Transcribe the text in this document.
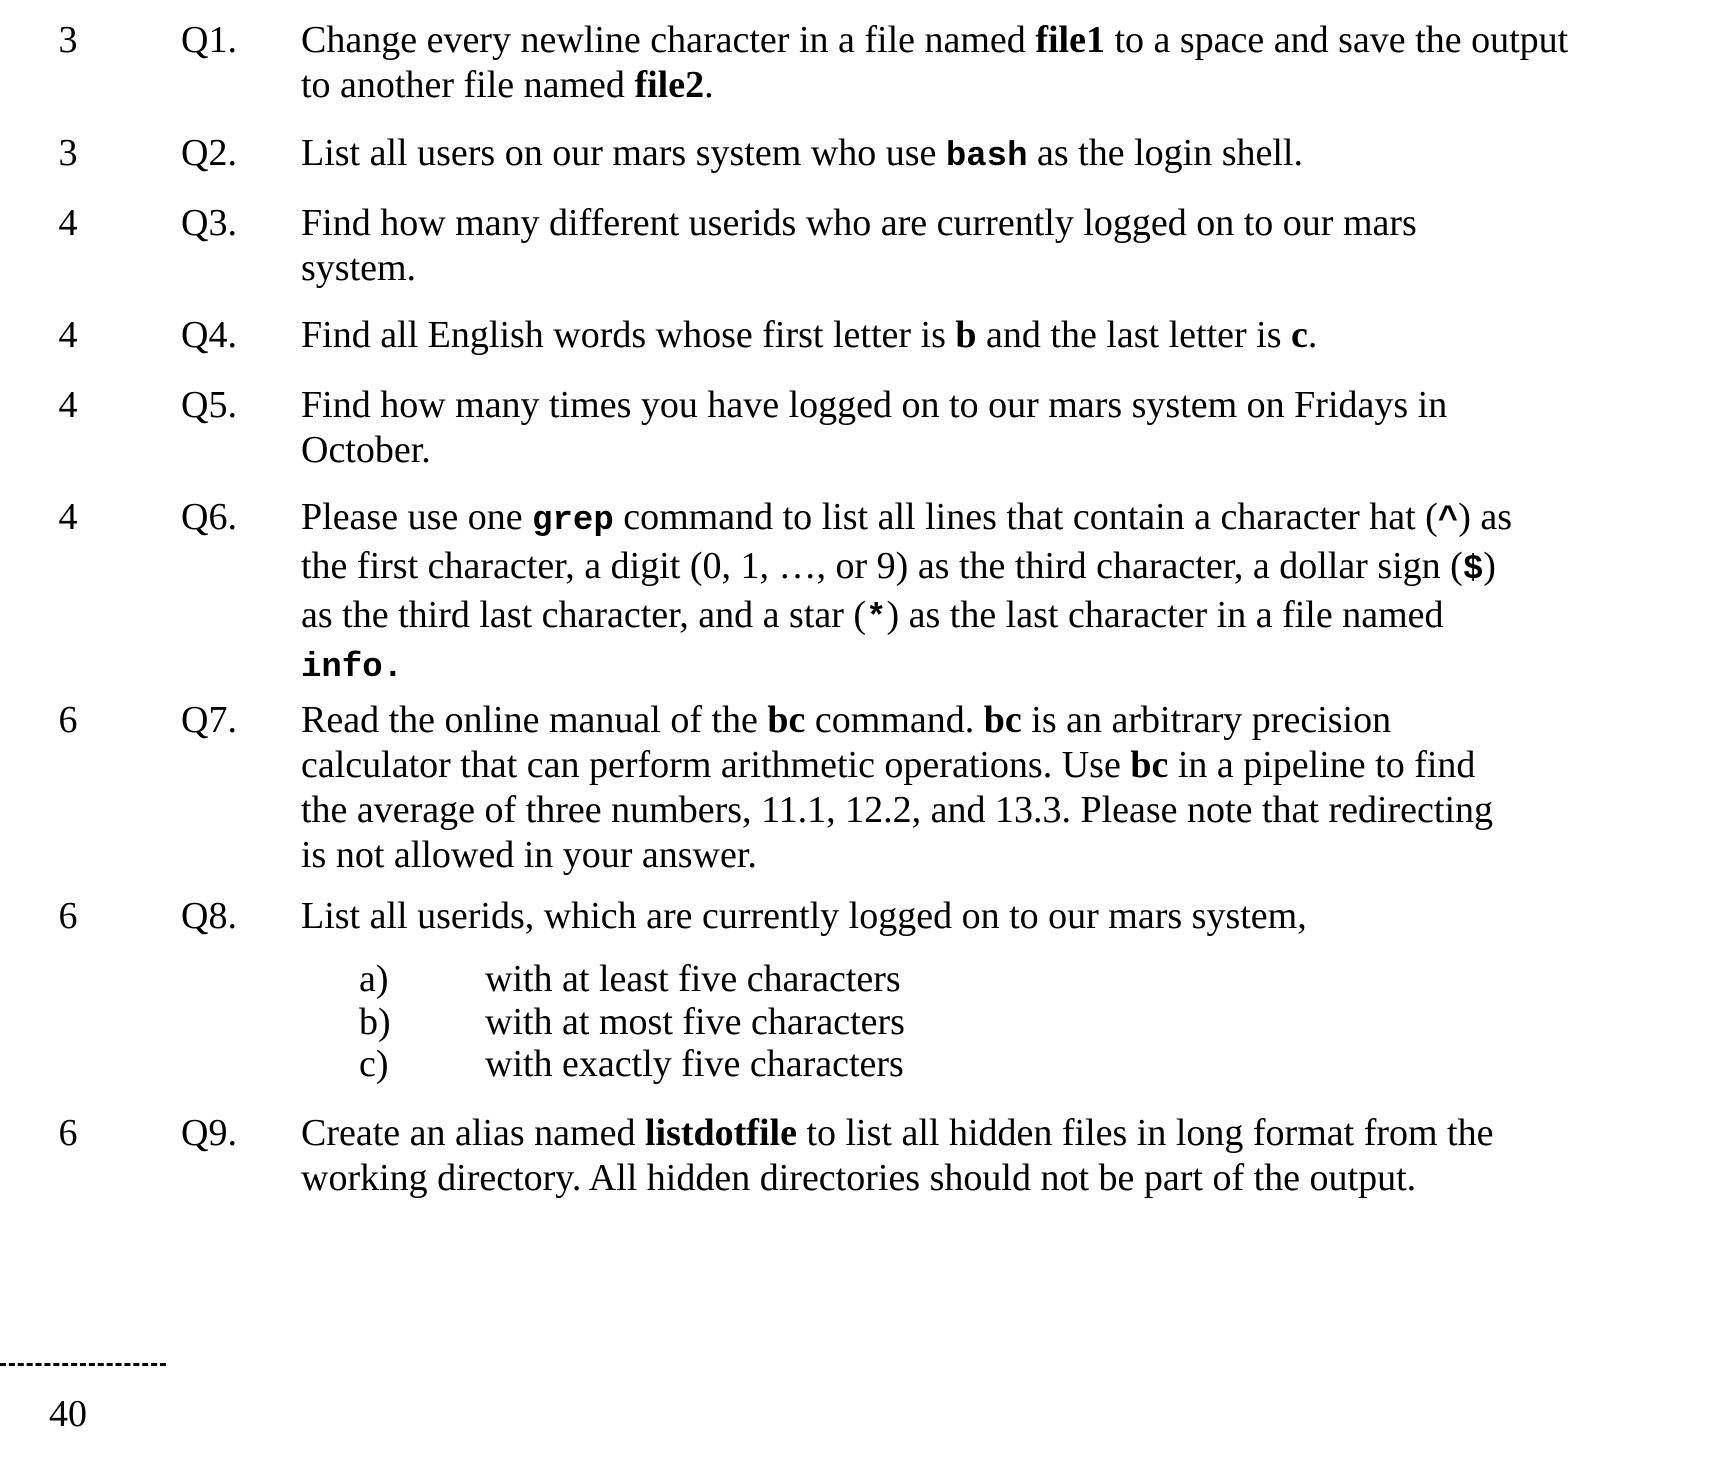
3	Q1. Change every newline character in a file named file1 to a space and save the output
to another file named file2.
3	Q2. List all users on our mars system who use bash as the login shell.
4	Q3. Find how many different userids who are currently logged on to our mars
system.
4	Q4. Find all English words whose first letter is b and the last letter is c.
4	Q5. Find how many times you have logged on to our mars system on Fridays in
October.
4	Q6. Please use one grep command to list all lines that contain a character hat (^) as
the first character, a digit (0, 1, …, or 9) as the third character, a dollar sign ($)
as the third last character, and a star (*) as the last character in a file named
info.
6	Q7. Read the online manual of the bc command. bc is an arbitrary precision
calculator that can perform arithmetic operations. Use bc in a pipeline to find
the average of three numbers, 11.1, 12.2, and 13.3. Please note that redirecting
is not allowed in your answer.
6	Q8. List all userids, which are currently logged on to our mars system,
a)	with at least five characters
b) with at most five characters
c)	with exactly five characters
6	Q9. Create an alias named listdotfile to list all hidden files in long format from the
working directory. All hidden directories should not be part of the output.
40
